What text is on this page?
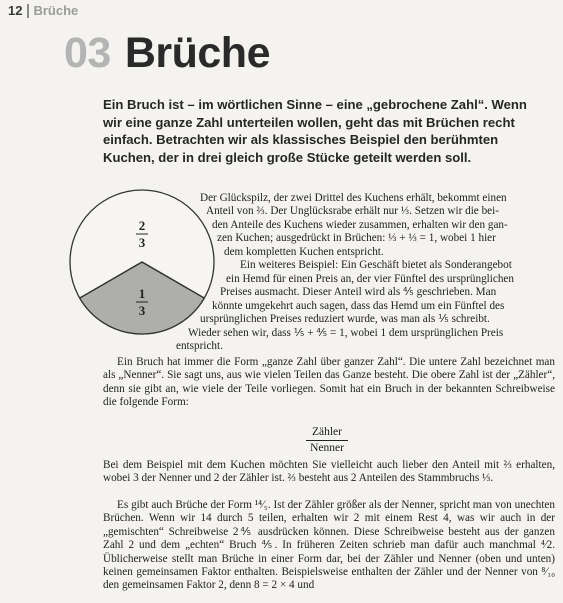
12 Brüche
03 Brüche
Ein Bruch ist – im wörtlichen Sinne – eine „gebrochene Zahl“. Wenn wir eine ganze Zahl unterteilen wollen, geht das mit Brüchen recht einfach. Betrachten wir als klassisches Beispiel den berühmten Kuchen, der in drei gleich große Stücke geteilt werden soll.
2
3
1
3
Der Glückspilz, der zwei Drittel des Kuchens erhält, bekommt einen
Anteil von ⅔. Der Unglücksrabe erhält nur ⅓. Setzen wir die bei-
den Anteile des Kuchens wieder zusammen, erhalten wir den gan-
zen Kuchen; ausgedrückt in Brüchen: ⅓ + ⅓ = 1, wobei 1 hier
dem kompletten Kuchen entspricht.
Ein weiteres Beispiel: Ein Geschäft bietet als Sonderangebot
ein Hemd für einen Preis an, der vier Fünftel des ursprünglichen
Preises ausmacht. Dieser Anteil wird als ⅘ geschrieben. Man
könnte umgekehrt auch sagen, dass das Hemd um ein Fünftel des
ursprünglichen Preises reduziert wurde, was man als ⅕ schreibt.
Wieder sehen wir, dass ⅕ + ⅘ = 1, wobei 1 dem ursprünglichen Preis
entspricht.

Ein Bruch hat immer die Form „ganze Zahl über ganzer Zahl“. Die untere Zahl bezeichnet man als „Nenner“. Sie sagt uns, aus wie vielen Teilen das Ganze besteht. Die obere Zahl ist der „Zähler“, denn sie gibt an, wie viele der Teile vorliegen. Somit hat ein Bruch in der bekannten Schreibweise die folgende Form:

Zähler
Nenner

Bei dem Beispiel mit dem Kuchen möchten Sie vielleicht auch lieber den Anteil mit ⅔ erhalten, wobei 3 der Nenner und 2 der Zähler ist. ⅔ besteht aus 2 Anteilen des Stammbruchs ⅓.

Es gibt auch Brüche der Form ¹⁴⁄₅. Ist der Zähler größer als der Nenner, spricht man von unechten Brüchen. Wenn wir 14 durch 5 teilen, erhalten wir 2 mit einem Rest 4, was wir auch in der „gemischten“ Schreibweise 2⅘ ausdrücken können. Diese Schreibweise besteht aus der ganzen Zahl 2 und dem „echten“ Bruch ⅘. In früheren Zeiten schrieb man dafür auch manchmal ⁴⁄2. Üblicherweise stellt man Brüche in einer Form dar, bei der Zähler und Nenner (oben und unten) keinen gemeinsamen Faktor enthalten. Beispielsweise enthalten der Zähler und der Nenner von ⁸⁄₁₀ den gemeinsamen Faktor 2, denn 8 = 2 × 4 und
